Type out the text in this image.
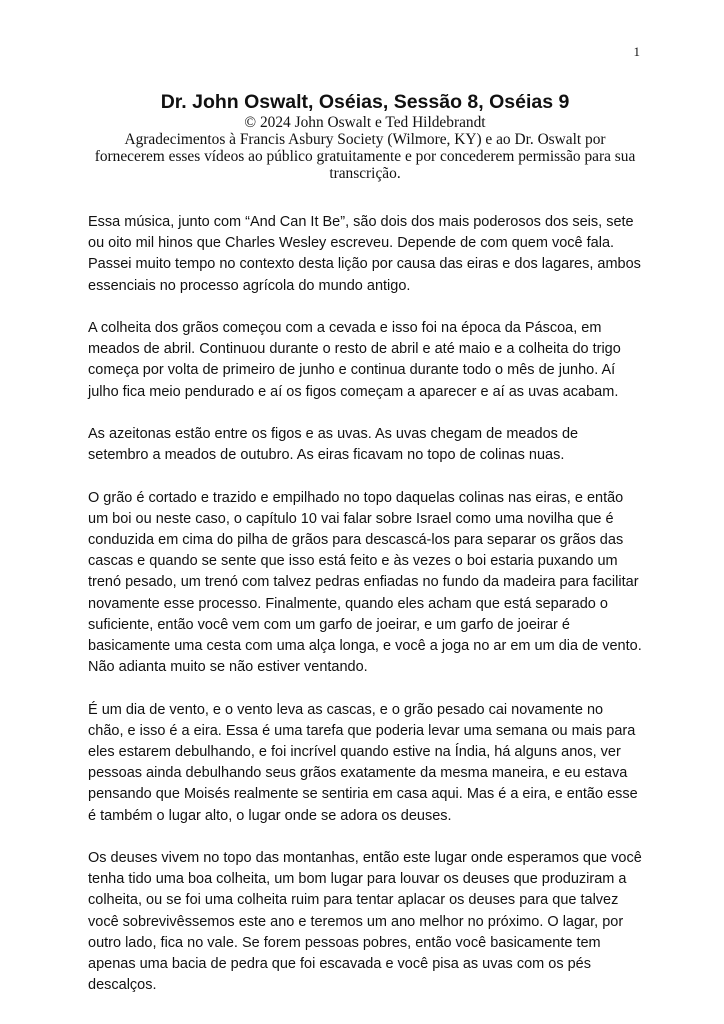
1
Dr. John Oswalt, Oséias, Sessão 8, Oséias 9

© 2024 John Oswalt e Ted Hildebrandt

Agradecimentos à Francis Asbury Society (Wilmore, KY) e ao Dr. Oswalt por fornecerem esses vídeos ao público gratuitamente e por concederem permissão para sua transcrição.

Essa música, junto com “And Can It Be”, são dois dos mais poderosos dos seis, sete ou oito mil hinos que Charles Wesley escreveu. Depende de com quem você fala. Passei muito tempo no contexto desta lição por causa das eiras e dos lagares, ambos essenciais no processo agrícola do mundo antigo.

A colheita dos grãos começou com a cevada e isso foi na época da Páscoa, em meados de abril. Continuou durante o resto de abril e até maio e a colheita do trigo começa por volta de primeiro de junho e continua durante todo o mês de junho. Aí julho fica meio pendurado e aí os figos começam a aparecer e aí as uvas acabam.

As azeitonas estão entre os figos e as uvas. As uvas chegam de meados de setembro a meados de outubro. As eiras ficavam no topo de colinas nuas.

O grão é cortado e trazido e empilhado no topo daquelas colinas nas eiras, e então um boi ou neste caso, o capítulo 10 vai falar sobre Israel como uma novilha que é conduzida em cima do pilha de grãos para descascá-los para separar os grãos das cascas e quando se sente que isso está feito e às vezes o boi estaria puxando um trenó pesado, um trenó com talvez pedras enfiadas no fundo da madeira para facilitar novamente esse processo. Finalmente, quando eles acham que está separado o suficiente, então você vem com um garfo de joeirar, e um garfo de joeirar é basicamente uma cesta com uma alça longa, e você a joga no ar em um dia de vento. Não adianta muito se não estiver ventando.

É um dia de vento, e o vento leva as cascas, e o grão pesado cai novamente no chão, e isso é a eira. Essa é uma tarefa que poderia levar uma semana ou mais para eles estarem debulhando, e foi incrível quando estive na Índia, há alguns anos, ver pessoas ainda debulhando seus grãos exatamente da mesma maneira, e eu estava pensando que Moisés realmente se sentiria em casa aqui. Mas é a eira, e então esse é também o lugar alto, o lugar onde se adora os deuses.

Os deuses vivem no topo das montanhas, então este lugar onde esperamos que você tenha tido uma boa colheita, um bom lugar para louvar os deuses que produziram a colheita, ou se foi uma colheita ruim para tentar aplacar os deuses para que talvez você sobrevivêssemos este ano e teremos um ano melhor no próximo. O lagar, por outro lado, fica no vale. Se forem pessoas pobres, então você basicamente tem apenas uma bacia de pedra que foi escavada e você pisa as uvas com os pés descalços.
